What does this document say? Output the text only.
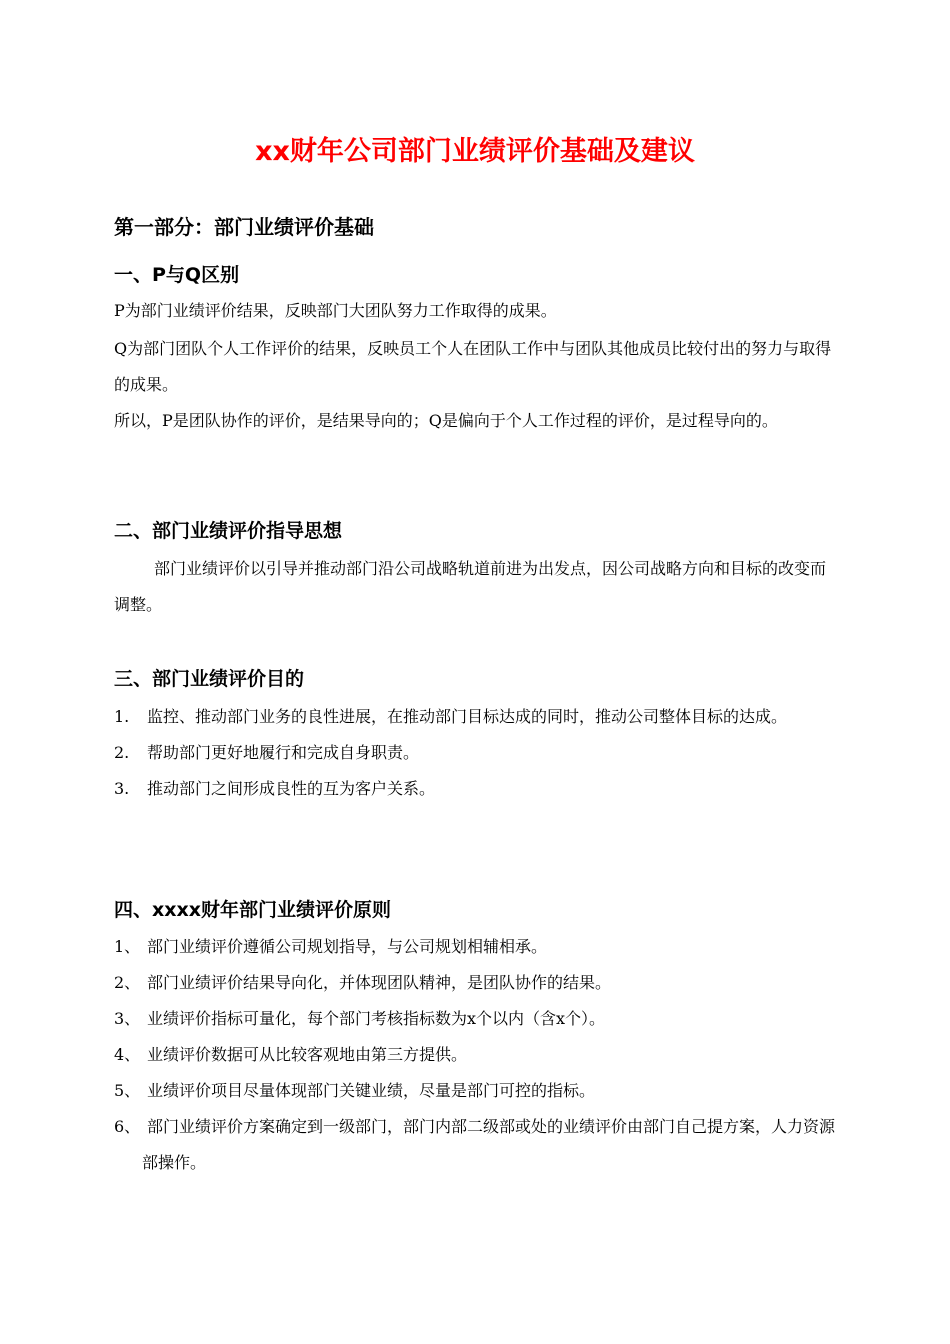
xx财年公司部门业绩评价基础及建议
第一部分：部门业绩评价基础
一、P与Q区别
P为部门业绩评价结果，反映部门大团队努力工作取得的成果。
Q为部门团队个人工作评价的结果，反映员工个人在团队工作中与团队其他成员比较付出的努力与取得的成果。
所以，P是团队协作的评价，是结果导向的；Q是偏向于个人工作过程的评价，是过程导向的。
二、部门业绩评价指导思想
部门业绩评价以引导并推动部门沿公司战略轨道前进为出发点，因公司战略方向和目标的改变而调整。
三、部门业绩评价目的
1.	监控、推动部门业务的良性进展，在推动部门目标达成的同时，推动公司整体目标的达成。
2.	帮助部门更好地履行和完成自身职责。
3.	推动部门之间形成良性的互为客户关系。
四、xxxx财年部门业绩评价原则
1、 部门业绩评价遵循公司规划指导，与公司规划相辅相承。
2、 部门业绩评价结果导向化，并体现团队精神，是团队协作的结果。
3、 业绩评价指标可量化，每个部门考核指标数为x个以内（含x个）。
4、 业绩评价数据可从比较客观地由第三方提供。
5、 业绩评价项目尽量体现部门关键业绩，尽量是部门可控的指标。
6、 部门业绩评价方案确定到一级部门，部门内部二级部或处的业绩评价由部门自己提方案，人力资源部操作。
